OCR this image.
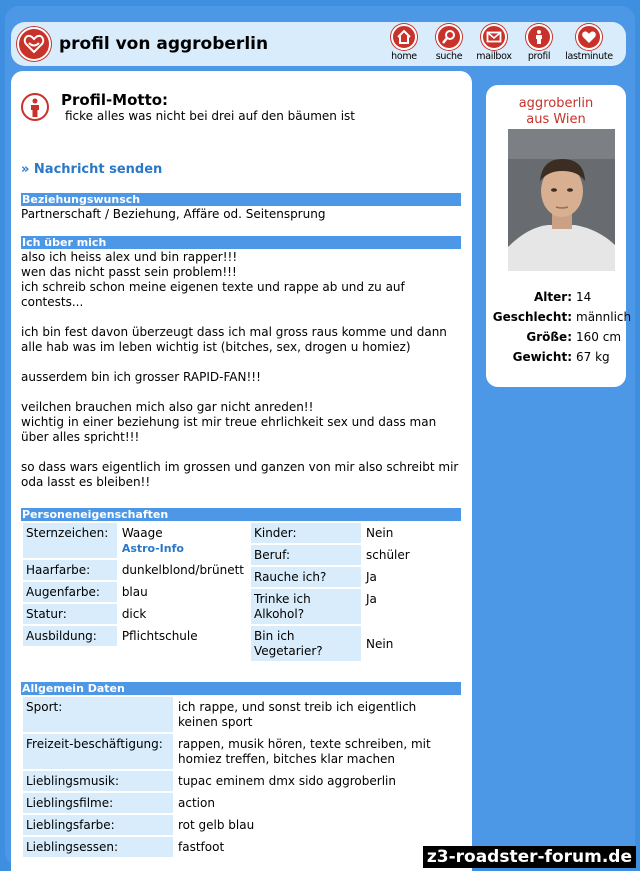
profil von aggroberlin
home	suche	mailbox	profil	lastminute
Profil-Motto:
ficke alles was nicht bei drei auf den bäumen ist
» Nachricht senden
Beziehungswunsch
Partnerschaft / Beziehung, Affäre od. Seitensprung
Ich über mich
also ich heiss alex und bin rapper!!!
wen das nicht passt sein problem!!!
ich schreib schon meine eigenen texte und rappe ab und zu auf contests...
ich bin fest davon überzeugt dass ich mal gross raus komme und dann alle hab was im leben wichtig ist (bitches, sex, drogen u homiez)
ausserdem bin ich grosser RAPID-FAN!!!
veilchen brauchen mich also gar nicht anreden!!
wichtig in einer beziehung ist mir treue ehrlichkeit sex und dass man über alles spricht!!!
so dass wars eigentlich im grossen und ganzen von mir also schreibt mir oda lasst es bleiben!!
Personeneigenschaften
Sternzeichen:	Waage
Astro-Info

Haarfarbe:	dunkelblond/brünett
Augenfarbe:	blau
Statur:	dick
Ausbildung:	Pflichtschule
Kinder:	Nein
Beruf:	schüler
Rauche ich?	Ja
Trinke ich Alkohol?	Ja
Bin ich Vegetarier?	Nein
Allgemein Daten
Sport:	ich rappe, und sonst treib ich eigentlich keinen sport
Freizeit-beschäftigung:	rappen, musik hören, texte schreiben, mit homiez treffen, bitches klar machen
Lieblingsmusik:	tupac eminem dmx sido aggroberlin
Lieblingsfilme:	action
Lieblingsfarbe:	rot gelb blau
Lieblingsessen:	fastfoot
aggroberlin
aus Wien
Alter: 14
Geschlecht: männlich
Größe: 160 cm
Gewicht: 67 kg
z3-roadster-forum.de
